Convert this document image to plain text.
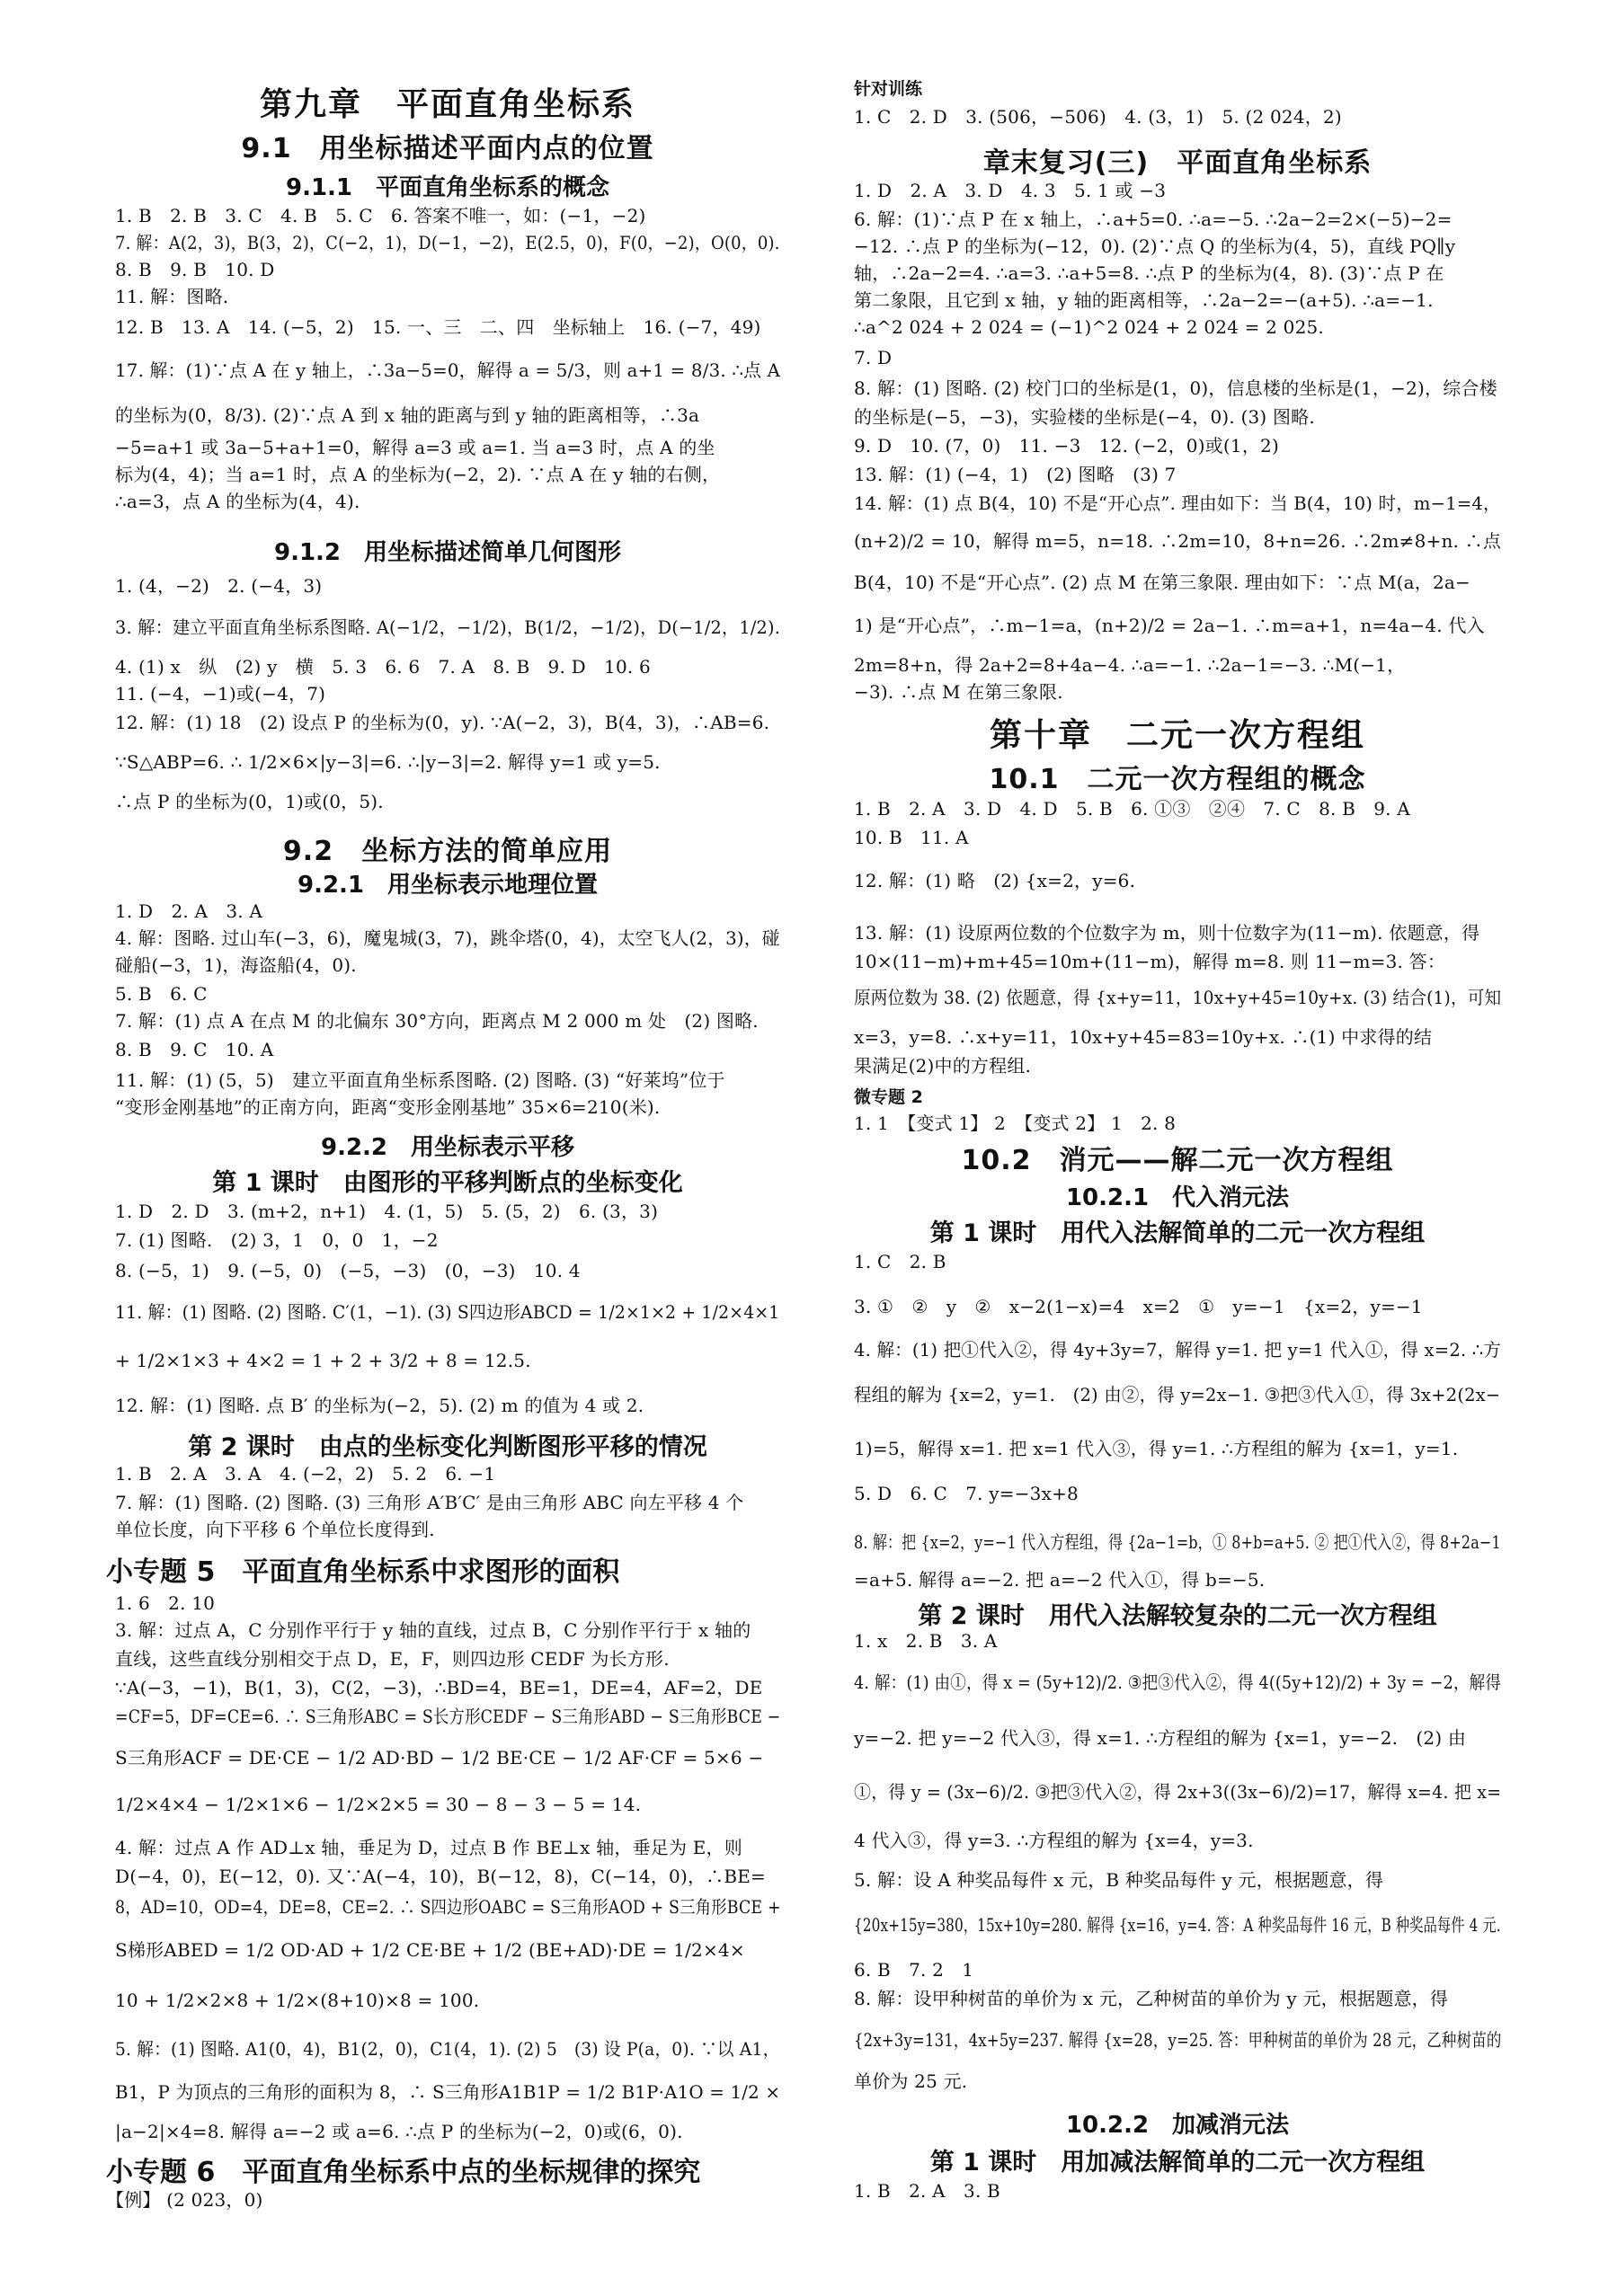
第九章　平面直角坐标系
9.1　用坐标描述平面内点的位置
9.1.1　平面直角坐标系的概念
1. B　2. B　3. C　4. B　5. C　6. 答案不唯一，如：(−1，−2)
7. 解：A(2，3)，B(3，2)，C(−2，1)，D(−1，−2)，E(2.5，0)，F(0，−2)，O(0，0).
8. B　9. B　10. D
11. 解：图略.
12. B　13. A　14. (−5，2)　15. 一、三　二、四　坐标轴上　16. (−7，49)
17. 解：(1)∵点 A 在 y 轴上，∴3a−5=0，解得 a = 5/3，则 a+1 = 8/3. ∴点 A
的坐标为(0，8/3). (2)∵点 A 到 x 轴的距离与到 y 轴的距离相等，∴3a
−5=a+1 或 3a−5+a+1=0，解得 a=3 或 a=1. 当 a=3 时，点 A 的坐
标为(4，4)；当 a=1 时，点 A 的坐标为(−2，2). ∵点 A 在 y 轴的右侧，
∴a=3，点 A 的坐标为(4，4).
9.1.2　用坐标描述简单几何图形
1. (4，−2)　2. (−4，3)
3. 解：建立平面直角坐标系图略. A(−1/2，−1/2)，B(1/2，−1/2)，D(−1/2，1/2).
4. (1) x　纵　(2) y　横　5. 3　6. 6　7. A　8. B　9. D　10. 6
11. (−4，−1)或(−4，7)
12. 解：(1) 18　(2) 设点 P 的坐标为(0，y). ∵A(−2，3)，B(4，3)，∴AB=6.
∵S△ABP=6. ∴ 1/2×6×|y−3|=6. ∴|y−3|=2. 解得 y=1 或 y=5.
∴点 P 的坐标为(0，1)或(0，5).
9.2　坐标方法的简单应用
9.2.1　用坐标表示地理位置
1. D　2. A　3. A
4. 解：图略. 过山车(−3，6)，魔鬼城(3，7)，跳伞塔(0，4)，太空飞人(2，3)，碰
碰船(−3，1)，海盗船(4，0).
5. B　6. C
7. 解：(1) 点 A 在点 M 的北偏东 30°方向，距离点 M 2 000 m 处　(2) 图略.
8. B　9. C　10. A
11. 解：(1) (5，5)　建立平面直角坐标系图略. (2) 图略. (3) “好莱坞”位于
“变形金刚基地”的正南方向，距离“变形金刚基地” 35×6=210(米).
9.2.2　用坐标表示平移
第 1 课时　由图形的平移判断点的坐标变化
1. D　2. D　3. (m+2，n+1)　4. (1，5)　5. (5，2)　6. (3，3)
7. (1) 图略.　(2) 3，1　0，0　1，−2
8. (−5，1)　9. (−5，0)　(−5，−3)　(0，−3)　10. 4
11. 解：(1) 图略. (2) 图略. C′(1，−1). (3) S四边形ABCD = 1/2×1×2 + 1/2×4×1
+ 1/2×1×3 + 4×2 = 1 + 2 + 3/2 + 8 = 12.5.
12. 解：(1) 图略. 点 B′ 的坐标为(−2，5). (2) m 的值为 4 或 2.
第 2 课时　由点的坐标变化判断图形平移的情况
1. B　2. A　3. A　4. (−2，2)　5. 2　6. −1
7. 解：(1) 图略. (2) 图略. (3) 三角形 A′B′C′ 是由三角形 ABC 向左平移 4 个
单位长度，向下平移 6 个单位长度得到.
小专题 5　平面直角坐标系中求图形的面积
1. 6　2. 10
3. 解：过点 A，C 分别作平行于 y 轴的直线，过点 B，C 分别作平行于 x 轴的
直线，这些直线分别相交于点 D，E，F，则四边形 CEDF 为长方形.
∵A(−3，−1)，B(1，3)，C(2，−3)，∴BD=4，BE=1，DE=4，AF=2，DE
=CF=5，DF=CE=6. ∴ S三角形ABC = S长方形CEDF − S三角形ABD − S三角形BCE −
S三角形ACF = DE·CE − 1/2 AD·BD − 1/2 BE·CE − 1/2 AF·CF = 5×6 −
1/2×4×4 − 1/2×1×6 − 1/2×2×5 = 30 − 8 − 3 − 5 = 14.
4. 解：过点 A 作 AD⊥x 轴，垂足为 D，过点 B 作 BE⊥x 轴，垂足为 E，则
D(−4，0)，E(−12，0). 又∵A(−4，10)，B(−12，8)，C(−14，0)，∴BE=
8，AD=10，OD=4，DE=8，CE=2. ∴ S四边形OABC = S三角形AOD + S三角形BCE +
S梯形ABED = 1/2 OD·AD + 1/2 CE·BE + 1/2 (BE+AD)·DE = 1/2×4×
10 + 1/2×2×8 + 1/2×(8+10)×8 = 100.
5. 解：(1) 图略. A1(0，4)，B1(2，0)，C1(4，1). (2) 5　(3) 设 P(a，0). ∵以 A1，
B1，P 为顶点的三角形的面积为 8，∴ S三角形A1B1P = 1/2 B1P·A1O = 1/2 ×
|a−2|×4=8. 解得 a=−2 或 a=6. ∴点 P 的坐标为(−2，0)或(6，0).
小专题 6　平面直角坐标系中点的坐标规律的探究
【例】 (2 023，0)
针对训练
1. C　2. D　3. (506，−506)　4. (3，1)　5. (2 024，2)
章末复习(三)　平面直角坐标系
1. D　2. A　3. D　4. 3　5. 1 或 −3
6. 解：(1)∵点 P 在 x 轴上，∴a+5=0. ∴a=−5. ∴2a−2=2×(−5)−2=
−12. ∴点 P 的坐标为(−12，0). (2)∵点 Q 的坐标为(4，5)，直线 PQ∥y
轴，∴2a−2=4. ∴a=3. ∴a+5=8. ∴点 P 的坐标为(4，8). (3)∵点 P 在
第二象限，且它到 x 轴，y 轴的距离相等，∴2a−2=−(a+5). ∴a=−1.
∴a^2 024 + 2 024 = (−1)^2 024 + 2 024 = 2 025.
7. D
8. 解：(1) 图略. (2) 校门口的坐标是(1，0)，信息楼的坐标是(1，−2)，综合楼
的坐标是(−5，−3)，实验楼的坐标是(−4，0). (3) 图略.
9. D　10. (7，0)　11. −3　12. (−2，0)或(1，2)
13. 解：(1) (−4，1)　(2) 图略　(3) 7
14. 解：(1) 点 B(4，10) 不是“开心点”. 理由如下：当 B(4，10) 时，m−1=4，
(n+2)/2 = 10，解得 m=5，n=18. ∴2m=10，8+n=26. ∴2m≠8+n. ∴点
B(4，10) 不是“开心点”. (2) 点 M 在第三象限. 理由如下：∵点 M(a，2a−
1) 是“开心点”，∴m−1=a，(n+2)/2 = 2a−1. ∴m=a+1，n=4a−4. 代入
2m=8+n，得 2a+2=8+4a−4. ∴a=−1. ∴2a−1=−3. ∴M(−1，
−3). ∴点 M 在第三象限.
第十章　二元一次方程组
10.1　二元一次方程组的概念
1. B　2. A　3. D　4. D　5. B　6. ①③　②④　7. C　8. B　9. A
10. B　11. A
12. 解：(1) 略　(2) {x=2，y=6.
13. 解：(1) 设原两位数的个位数字为 m，则十位数字为(11−m). 依题意，得
10×(11−m)+m+45=10m+(11−m)，解得 m=8. 则 11−m=3. 答：
原两位数为 38. (2) 依题意，得 {x+y=11，10x+y+45=10y+x. (3) 结合(1)，可知
x=3，y=8. ∴x+y=11，10x+y+45=83=10y+x. ∴(1) 中求得的结
果满足(2)中的方程组.
微专题 2
1. 1　【变式 1】 2　【变式 2】 1　2. 8
10.2　消元——解二元一次方程组
10.2.1　代入消元法
第 1 课时　用代入法解简单的二元一次方程组
1. C　2. B
3. ①　②　y　②　x−2(1−x)=4　x=2　①　y=−1　{x=2，y=−1
4. 解：(1) 把①代入②，得 4y+3y=7，解得 y=1. 把 y=1 代入①，得 x=2. ∴方
程组的解为 {x=2，y=1.　(2) 由②，得 y=2x−1. ③把③代入①，得 3x+2(2x−
1)=5，解得 x=1. 把 x=1 代入③，得 y=1. ∴方程组的解为 {x=1，y=1.
5. D　6. C　7. y=−3x+8
8. 解：把 {x=2，y=−1 代入方程组，得 {2a−1=b，① 8+b=a+5. ② 把①代入②，得 8+2a−1
=a+5. 解得 a=−2. 把 a=−2 代入①，得 b=−5.
第 2 课时　用代入法解较复杂的二元一次方程组
1. x　2. B　3. A
4. 解：(1) 由①，得 x = (5y+12)/2. ③把③代入②，得 4((5y+12)/2) + 3y = −2，解得
y=−2. 把 y=−2 代入③，得 x=1. ∴方程组的解为 {x=1，y=−2.　(2) 由
①，得 y = (3x−6)/2. ③把③代入②，得 2x+3((3x−6)/2)=17，解得 x=4. 把 x=
4 代入③，得 y=3. ∴方程组的解为 {x=4，y=3.
5. 解：设 A 种奖品每件 x 元，B 种奖品每件 y 元，根据题意，得
{20x+15y=380，15x+10y=280. 解得 {x=16，y=4. 答：A 种奖品每件 16 元，B 种奖品每件 4 元.
6. B　7. 2　1
8. 解：设甲种树苗的单价为 x 元，乙种树苗的单价为 y 元，根据题意，得
{2x+3y=131，4x+5y=237. 解得 {x=28，y=25. 答：甲种树苗的单价为 28 元，乙种树苗的
单价为 25 元.
10.2.2　加减消元法
第 1 课时　用加减法解简单的二元一次方程组
1. B　2. A　3. B
